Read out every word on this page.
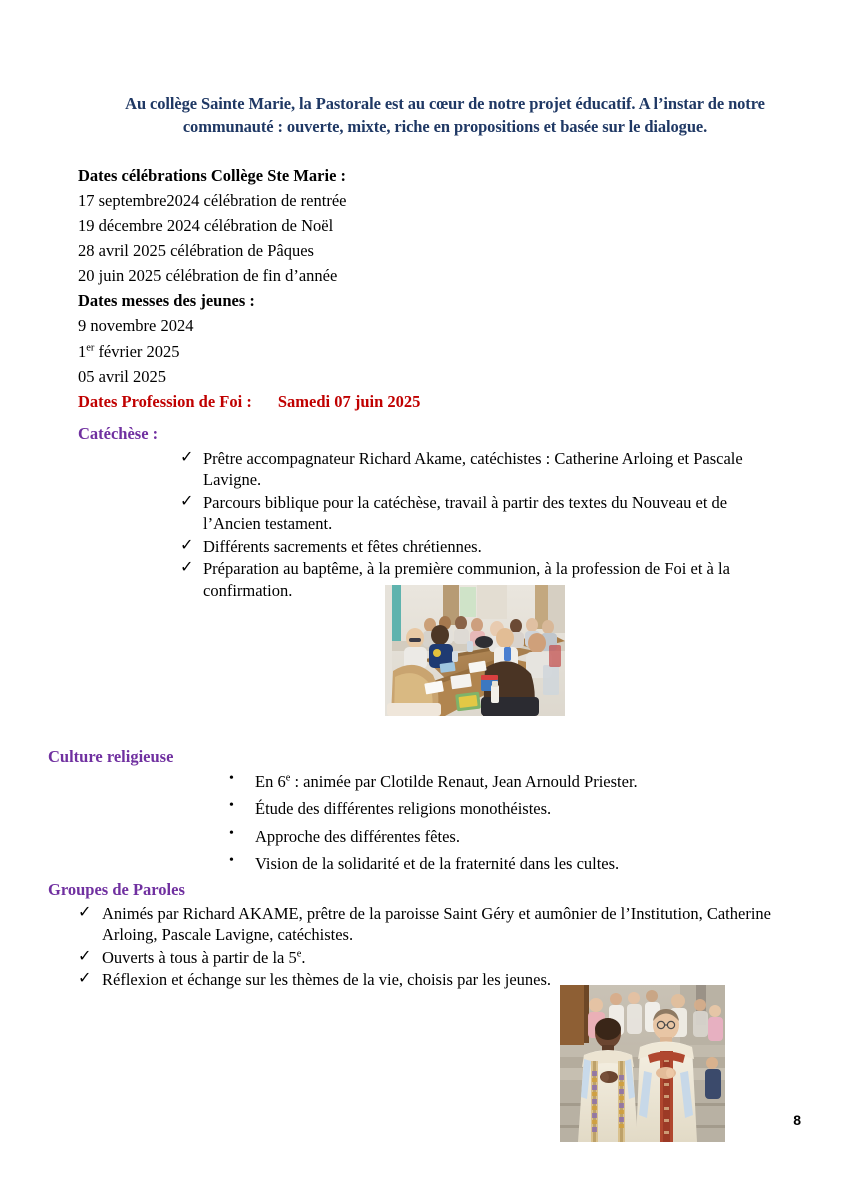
Au collège Sainte Marie, la Pastorale est au cœur de notre projet éducatif. A l’instar de notre communauté : ouverte, mixte, riche en propositions et basée sur le dialogue.
Dates célébrations Collège Ste Marie :
17 septembre2024 célébration de rentrée
19 décembre 2024 célébration de Noël
28 avril 2025 célébration de Pâques
20 juin 2025 célébration de fin d’année
Dates messes des jeunes :
9 novembre 2024
1er février 2025
05 avril 2025
Dates Profession de Foi : Samedi 07 juin 2025
Catéchèse :
✓ Prêtre accompagnateur Richard Akame, catéchistes : Catherine Arloing et Pascale Lavigne.
✓ Parcours biblique pour la catéchèse, travail à partir des textes du Nouveau et de l’Ancien testament.
✓ Différents sacrements et fêtes chrétiennes.
✓ Préparation au baptême, à la première communion, à la profession de Foi et à la confirmation.
Culture religieuse
•	En 6e : animée par Clotilde Renaut, Jean Arnould Priester.
•	Étude des différentes religions monothéistes.
•	Approche des différentes fêtes.
•	Vision de la solidarité et de la fraternité dans les cultes.
Groupes de Paroles
✓ Animés par Richard AKAME, prêtre de la paroisse Saint Géry et aumônier de l’Institution, Catherine Arloing, Pascale Lavigne, catéchistes.
✓ Ouverts à tous à partir de la 5e.
✓ Réflexion et échange sur les thèmes de la vie, choisis par les jeunes.
8
